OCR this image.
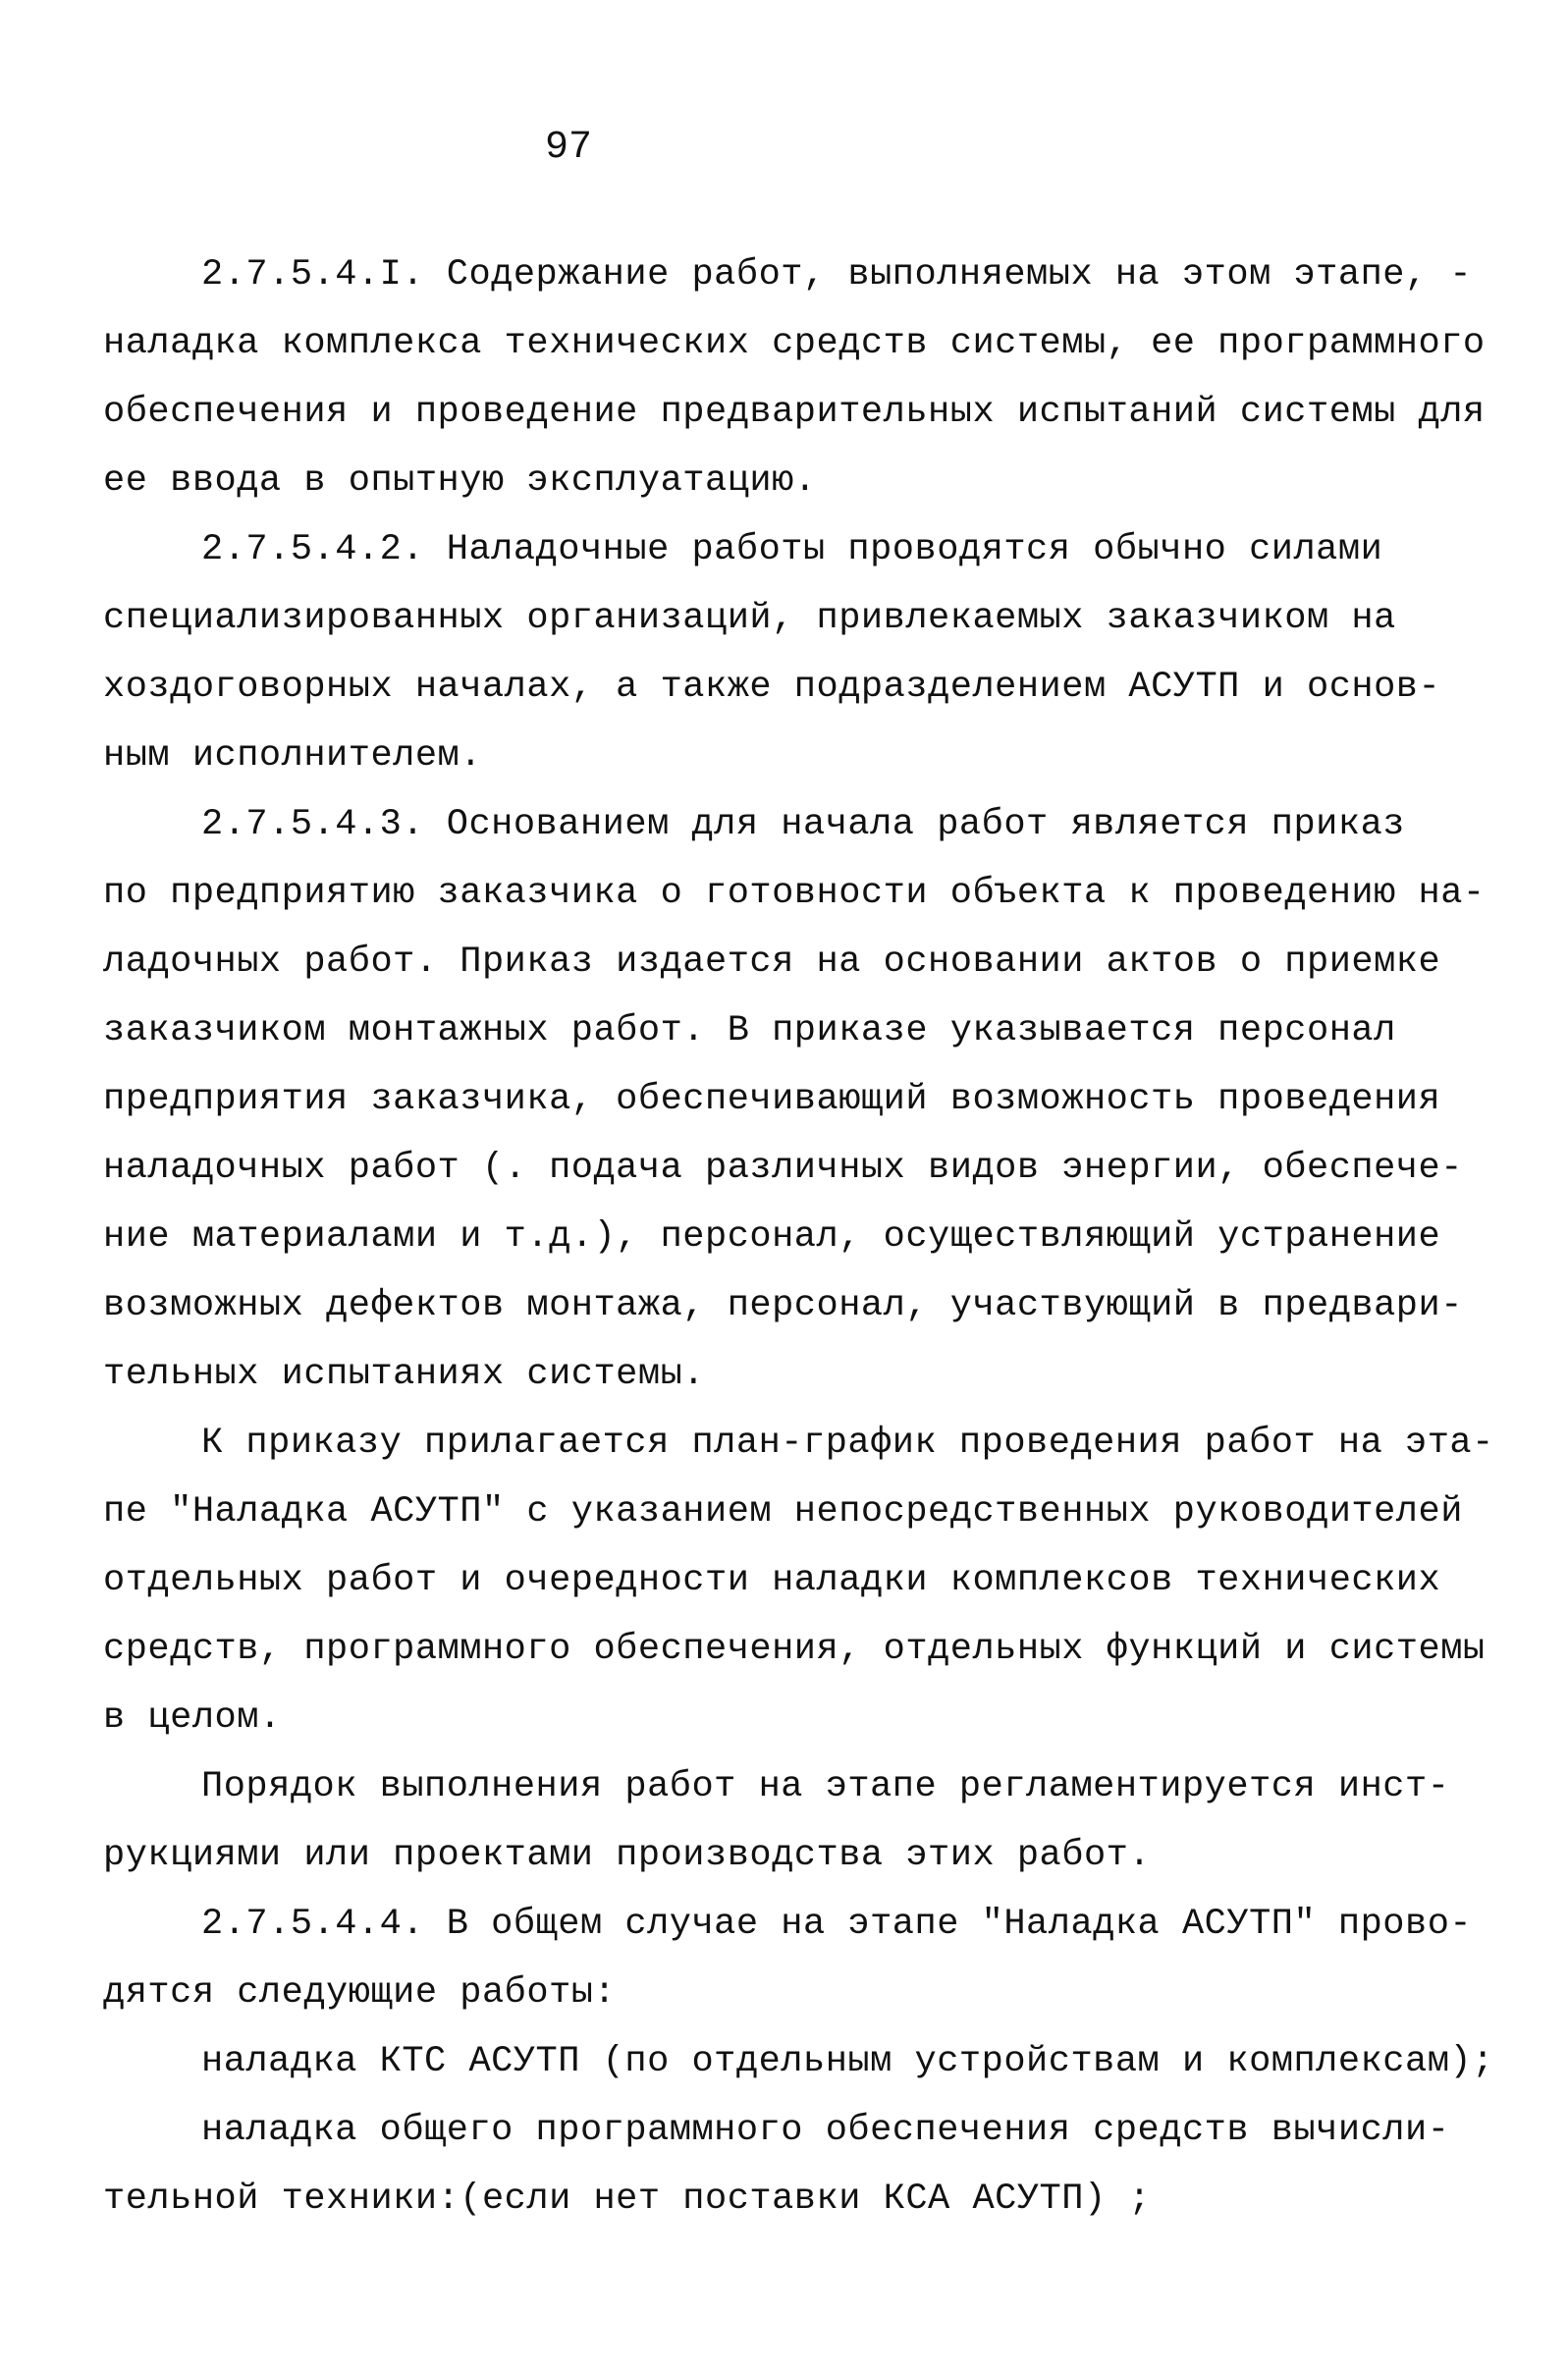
97
2.7.5.4.I. Содержание работ, выполняемых на этом этапе, -
наладка комплекса технических средств системы, ее программного
обеспечения и проведение предварительных испытаний системы для
ее ввода в опытную эксплуатацию.
2.7.5.4.2. Наладочные работы проводятся обычно силами
специализированных организаций, привлекаемых заказчиком на
хоздоговорных началах, а также подразделением АСУТП и основ-
ным исполнителем.
2.7.5.4.3. Основанием для начала работ является приказ
по предприятию заказчика о готовности объекта к проведению на-
ладочных работ. Приказ издается на основании актов о приемке
заказчиком монтажных работ. В приказе указывается персонал
предприятия заказчика, обеспечивающий возможность проведения
наладочных работ (. подача различных видов энергии, обеспече-
ние материалами и т.д.), персонал, осуществляющий устранение
возможных дефектов монтажа, персонал, участвующий в предвари-
тельных испытаниях системы.
К приказу прилагается план-график проведения работ на эта-
пе "Наладка АСУТП" с указанием непосредственных руководителей
отдельных работ и очередности наладки комплексов технических
средств, программного обеспечения, отдельных функций и системы
в целом.
Порядок выполнения работ на этапе регламентируется инст-
рукциями или проектами производства этих работ.
2.7.5.4.4. В общем случае на этапе "Наладка АСУТП" прово-
дятся следующие работы:
наладка КТС АСУТП (по отдельным устройствам и комплексам);
наладка общего программного обеспечения средств вычисли-
тельной техники:(если нет поставки КСА АСУТП) ;
